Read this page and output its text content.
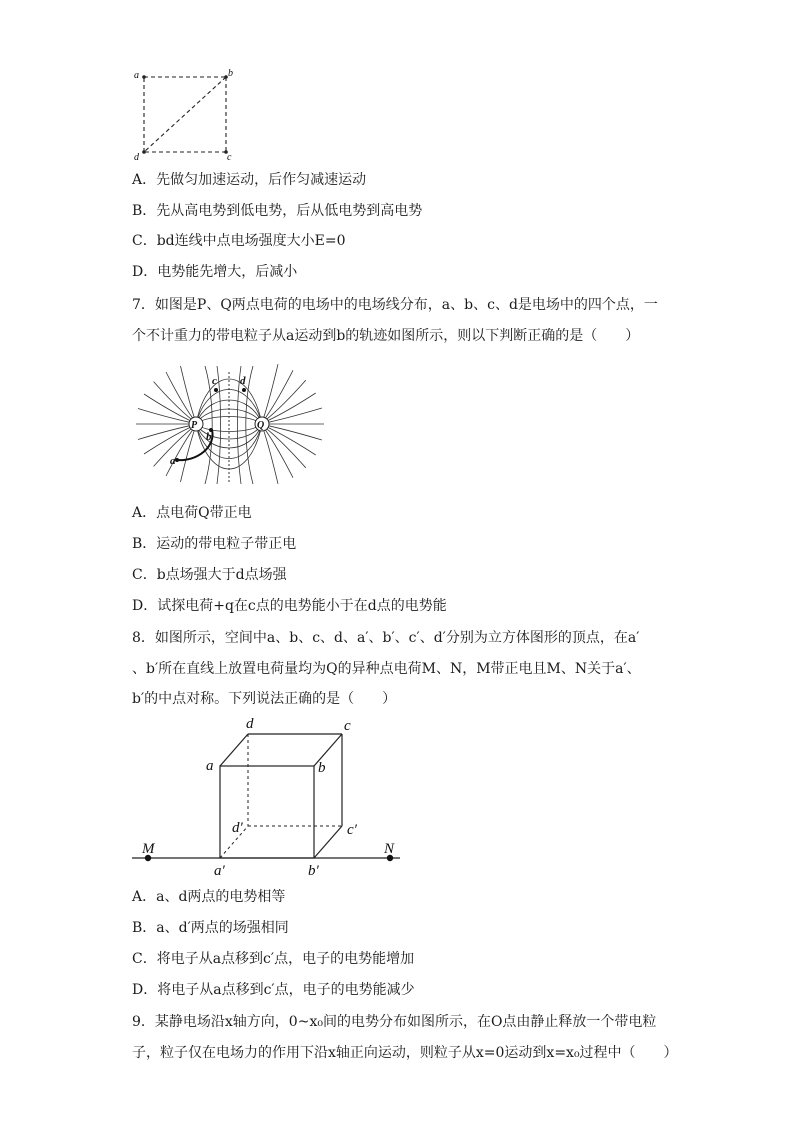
a	b
c
d
A．先做匀加速运动，后作匀减速运动
B．先从高电势到低电势，后从低电势到高电势
C．bd连线中点电场强度大小E=0
D．电势能先增大，后减小
7．如图是P、Q两点电荷的电场中的电场线分布，a、b、c、d是电场中的四个点，一
个不计重力的带电粒子从a运动到b的轨迹如图所示，则以下判断正确的是（　　）
P	Q
c d
a
b
A．点电荷Q带正电
B．运动的带电粒子带正电
C．b点场强大于d点场强
D．试探电荷+q在c点的电势能小于在d点的电势能
8．如图所示，空间中a、b、c、d、a′、b′、c′、d′分别为立方体图形的顶点，在a′
、b′所在直线上放置电荷量均为Q的异种点电荷M、N，M带正电且M、N关于a′、
b′的中点对称。下列说法正确的是（　　）
M	N
a	b
c
d
a′	b′
c′
d′
A．a、d两点的电势相等
B．a、d′两点的场强相同
C．将电子从a点移到c′点，电子的电势能增加
D．将电子从a点移到c′点，电子的电势能减少
9．某静电场沿x轴方向，0~x₀间的电势分布如图所示，在O点由静止释放一个带电粒
子，粒子仅在电场力的作用下沿x轴正向运动，则粒子从x=0运动到x=x₀过程中（　　）
